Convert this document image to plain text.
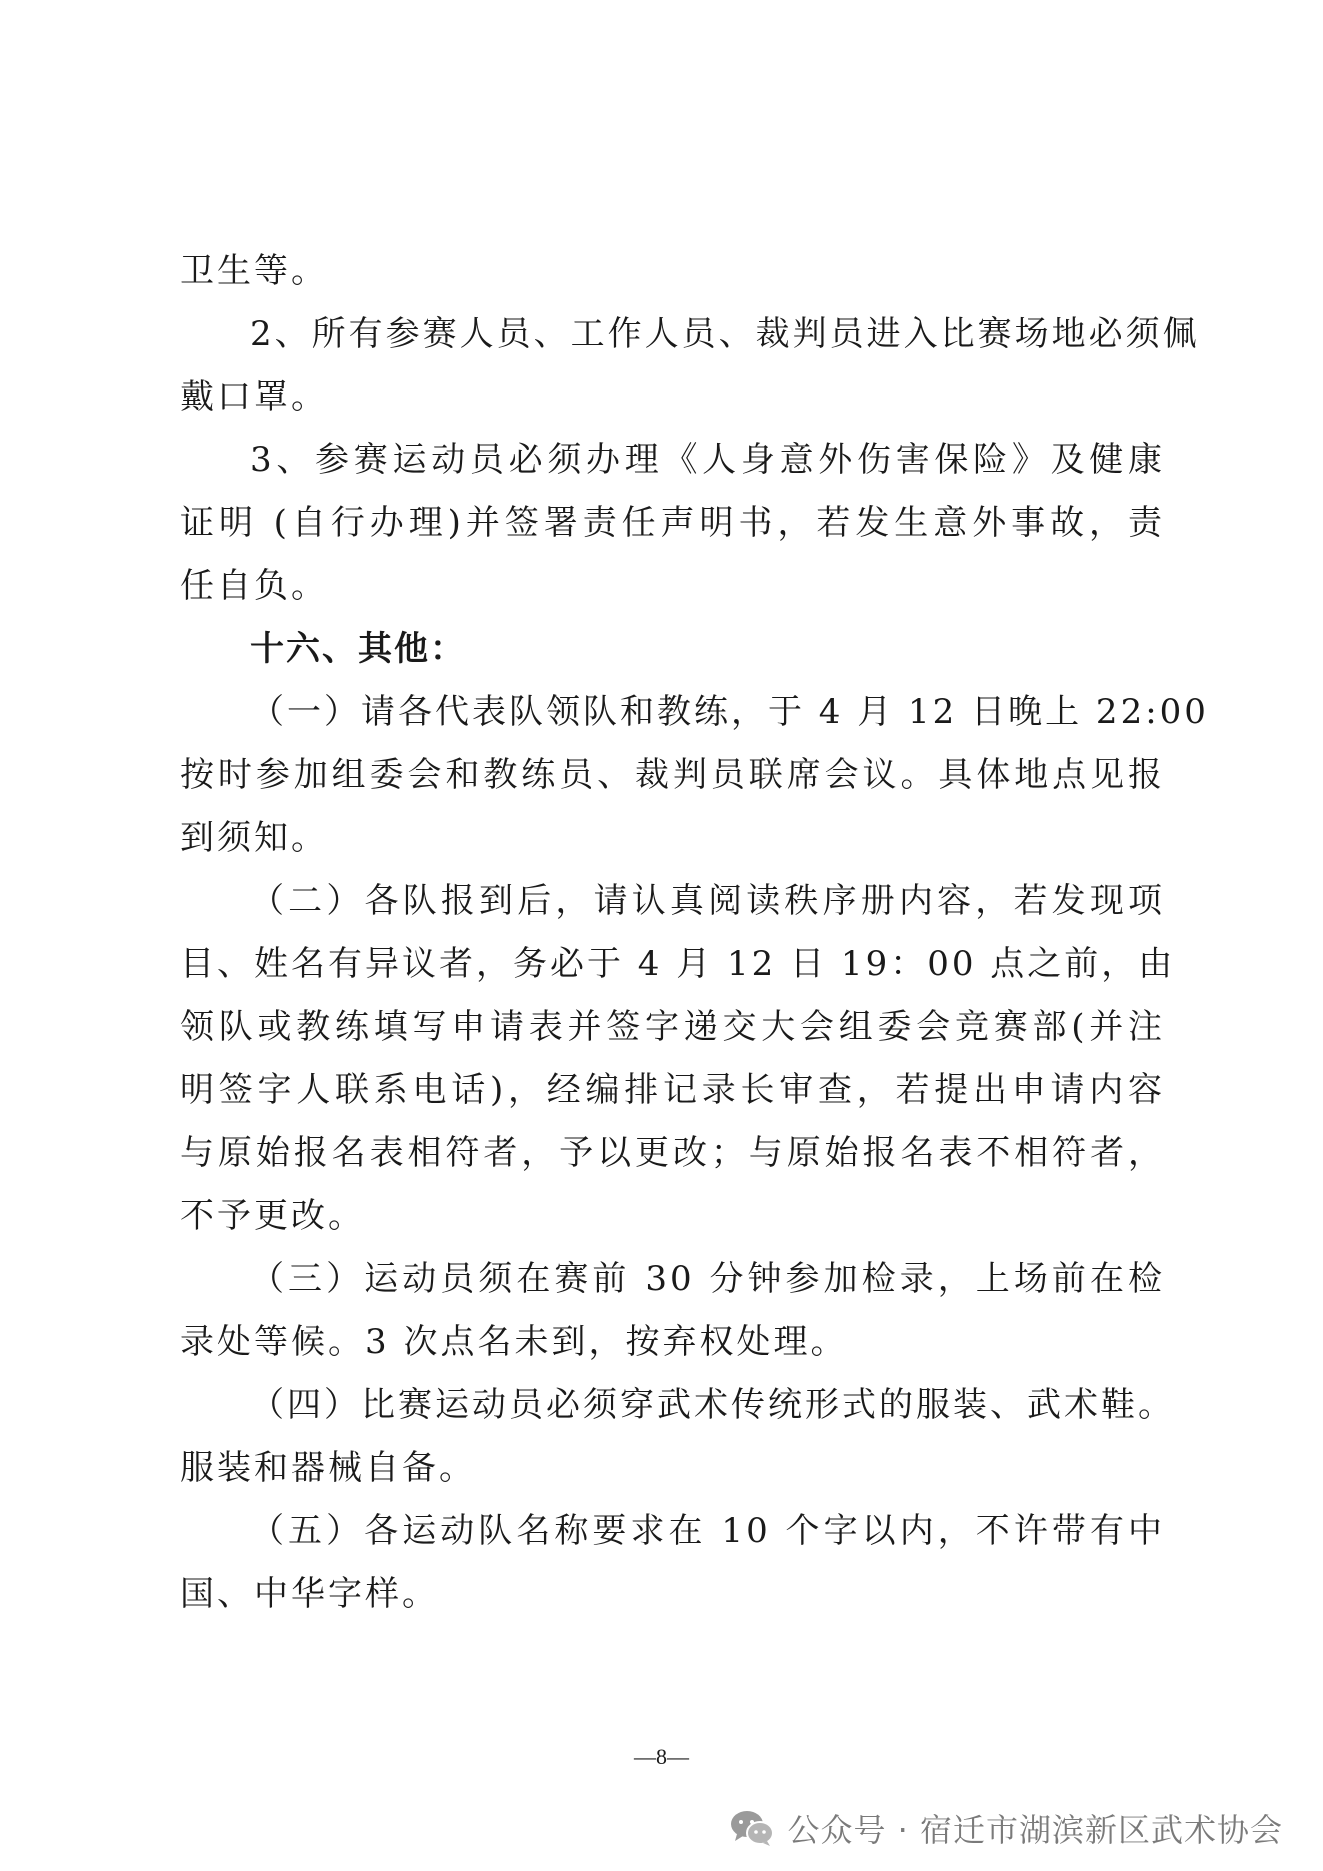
卫生等。
2、所有参赛人员、工作人员、裁判员进入比赛场地必须佩
戴口罩。
3、参赛运动员必须办理《人身意外伤害保险》及健康
证明 (自行办理)并签署责任声明书，若发生意外事故，责
任自负。
十六、其他：
（一）请各代表队领队和教练，于 4 月 12 日晚上 22:00
按时参加组委会和教练员、裁判员联席会议。具体地点见报
到须知。
（二）各队报到后，请认真阅读秩序册内容，若发现项
目、姓名有异议者，务必于 4 月 12 日 19：00 点之前，由
领队或教练填写申请表并签字递交大会组委会竞赛部(并注
明签字人联系电话)，经编排记录长审查，若提出申请内容
与原始报名表相符者，予以更改；与原始报名表不相符者，
不予更改。
（三）运动员须在赛前 30 分钟参加检录，上场前在检
录处等候。3 次点名未到，按弃权处理。
（四）比赛运动员必须穿武术传统形式的服装、武术鞋。
服装和器械自备。
（五）各运动队名称要求在 10 个字以内，不许带有中
国、中华字样。
—8—
公众号 · 宿迁市湖滨新区武术协会
